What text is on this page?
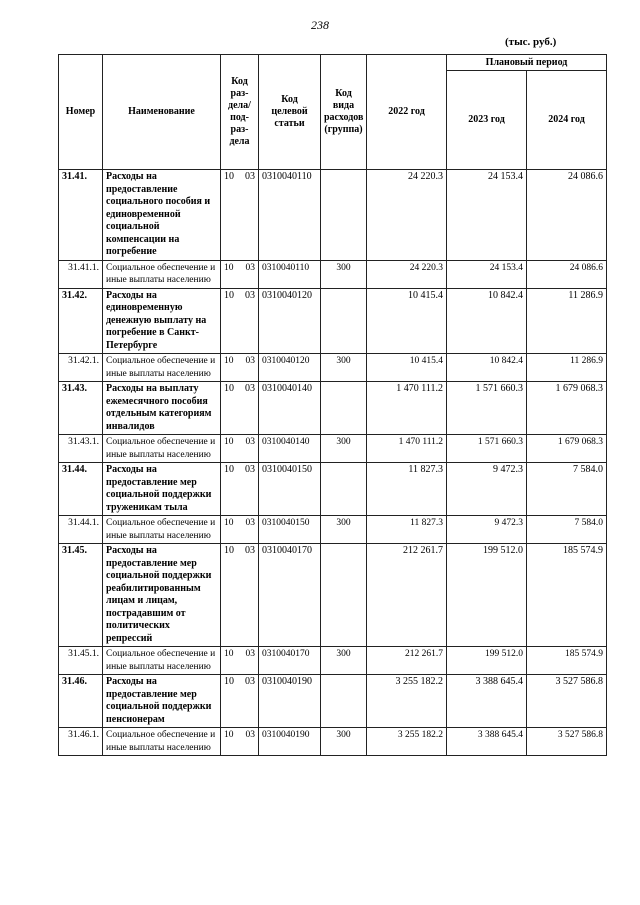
238
(тыс. руб.)
Номер	Наименование	Код раз-дела/ под-раз-дела	Код целевой статьи	Код вида расходов (группа)	2022 год	Плановый период	
						2023 год	2024 год
31.41.	Расходы на предоставление социального пособия и единовременной социальной компенсации на погребение	10 03	0310040110		24 220.3	24 153.4	24 086.6
31.41.1.	Социальное обеспечение и иные выплаты населению	10 03	0310040110	300	24 220.3	24 153.4	24 086.6
31.42.	Расходы на единовременную денежную выплату на погребение в Санкт-Петербурге	10 03	0310040120		10 415.4	10 842.4	11 286.9
31.42.1.	Социальное обеспечение и иные выплаты населению	10 03	0310040120	300	10 415.4	10 842.4	11 286.9
31.43.	Расходы на выплату ежемесячного пособия отдельным категориям инвалидов	10 03	0310040140		1 470 111.2	1 571 660.3	1 679 068.3
31.43.1.	Социальное обеспечение и иные выплаты населению	10 03	0310040140	300	1 470 111.2	1 571 660.3	1 679 068.3
31.44.	Расходы на предоставление мер социальной поддержки труженикам тыла	10 03	0310040150		11 827.3	9 472.3	7 584.0
31.44.1.	Социальное обеспечение и иные выплаты населению	10 03	0310040150	300	11 827.3	9 472.3	7 584.0
31.45.	Расходы на предоставление мер социальной поддержки реабилитированным лицам и лицам, пострадавшим от политических репрессий	10 03	0310040170		212 261.7	199 512.0	185 574.9
31.45.1.	Социальное обеспечение и иные выплаты населению	10 03	0310040170	300	212 261.7	199 512.0	185 574.9
31.46.	Расходы на предоставление мер социальной поддержки пенсионерам	10 03	0310040190		3 255 182.2	3 388 645.4	3 527 586.8
31.46.1.	Социальное обеспечение и иные выплаты населению	10 03	0310040190	300	3 255 182.2	3 388 645.4	3 527 586.8
